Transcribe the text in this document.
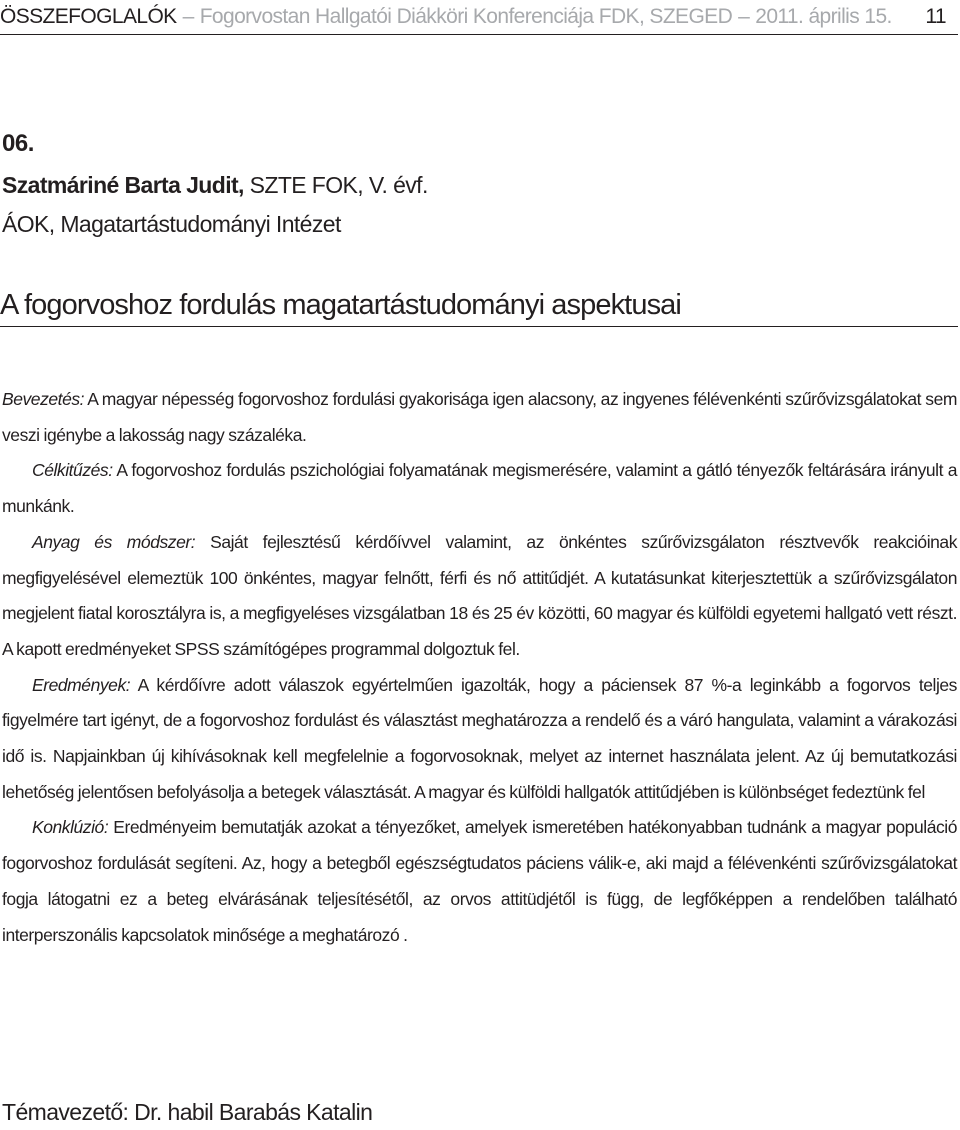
ÖSSZEFOGLALÓK – Fogorvostan Hallgatói Diákköri Konferenciája FDK, SZEGED – 2011. április 15. 11
06.
Szatmáriné Barta Judit, SZTE FOK, V. évf.
ÁOK, Magatartástudományi Intézet
A fogorvoshoz fordulás magatartástudományi aspektusai

Bevezetés: A magyar népesség fogorvoshoz fordulási gyakorisága igen alacsony, az ingyenes félévenkénti szűrővizsgálatokat sem veszi igénybe a lakosság nagy százaléka.

Célkitűzés: A fogorvoshoz fordulás pszichológiai folyamatának megismerésére, valamint a gátló tényezők feltárására irányult a munkánk.

Anyag és módszer: Saját fejlesztésű kérdőívvel valamint, az önkéntes szűrővizsgálaton résztvevők reakcióinak megfigyelésével elemeztük 100 önkéntes, magyar felnőtt, férfi és nő attitűdjét. A kutatásunkat kiterjesztettük a szűrővizsgálaton megjelent fiatal korosztályra is, a megfigyeléses vizsgálatban 18 és 25 év közötti, 60 magyar és külföldi egyetemi hallgató vett részt. A kapott eredményeket SPSS számítógépes programmal dolgoztuk fel.

Eredmények: A kérdőívre adott válaszok egyértelműen igazolták, hogy a páciensek 87 %-a leginkább a fogorvos teljes figyelmére tart igényt, de a fogorvoshoz fordulást és választást meghatározza a rendelő és a váró hangulata, valamint a várakozási idő is. Napjainkban új kihívásoknak kell megfelelnie a fogorvosoknak, melyet az internet használata jelent. Az új bemutatkozási lehetőség jelentősen befolyásolja a betegek választását. A magyar és külföldi hallgatók attitűdjében is különbséget fedeztünk fel

Konklúzió: Eredményeim bemutatják azokat a tényezőket, amelyek ismeretében hatékonyabban tudnánk a magyar populáció fogorvoshoz fordulását segíteni. Az, hogy a betegből egészségtudatos páciens válik-e, aki majd a félévenkénti szűrővizsgálatokat fogja látogatni ez a beteg elvárásának teljesítésétől, az orvos attitüdjétől is függ, de legfőképpen a rendelőben található interperszonális kapcsolatok minősége a meghatározó .

Témavezető: Dr. habil Barabás Katalin
